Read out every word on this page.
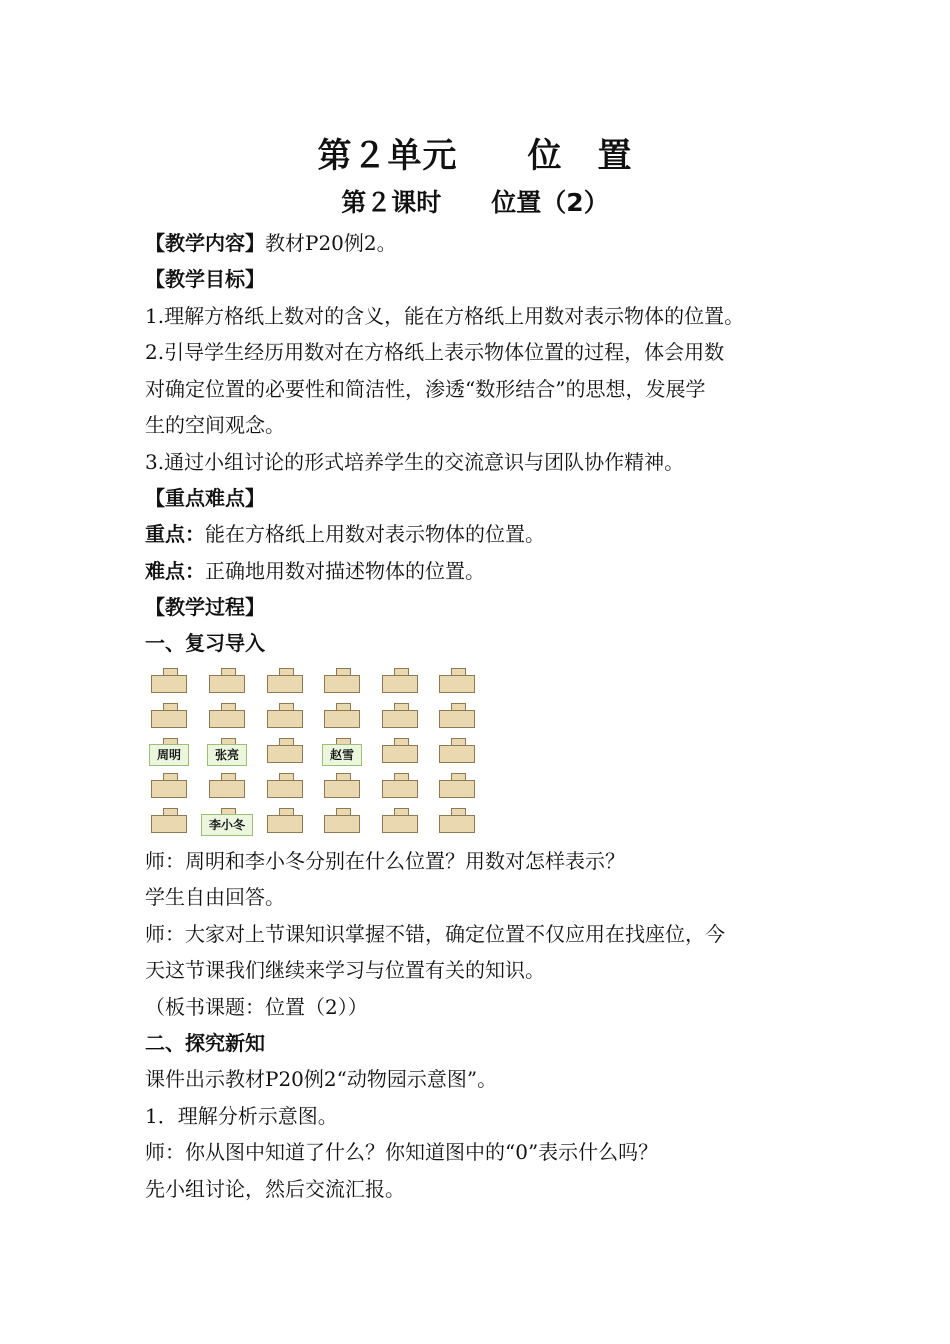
第２单元　　位　置
第２课时　　位置（2）
【教学内容】教材P20例2。
【教学目标】
1.理解方格纸上数对的含义，能在方格纸上用数对表示物体的位置。
2.引导学生经历用数对在方格纸上表示物体位置的过程，体会用数
对确定位置的必要性和简洁性，渗透“数形结合”的思想，发展学
生的空间观念。
3.通过小组讨论的形式培养学生的交流意识与团队协作精神。
【重点难点】
重点：能在方格纸上用数对表示物体的位置。
难点：正确地用数对描述物体的位置。
【教学过程】
一、复习导入
周明	张亮	赵雪
李小冬
师：周明和李小冬分别在什么位置？用数对怎样表示？
学生自由回答。
师：大家对上节课知识掌握不错，确定位置不仅应用在找座位，今
天这节课我们继续来学习与位置有关的知识。
（板书课题：位置（2））
二、探究新知
课件出示教材P20例2“动物园示意图”。
1．理解分析示意图。
师：你从图中知道了什么？你知道图中的“0”表示什么吗？
先小组讨论，然后交流汇报。
